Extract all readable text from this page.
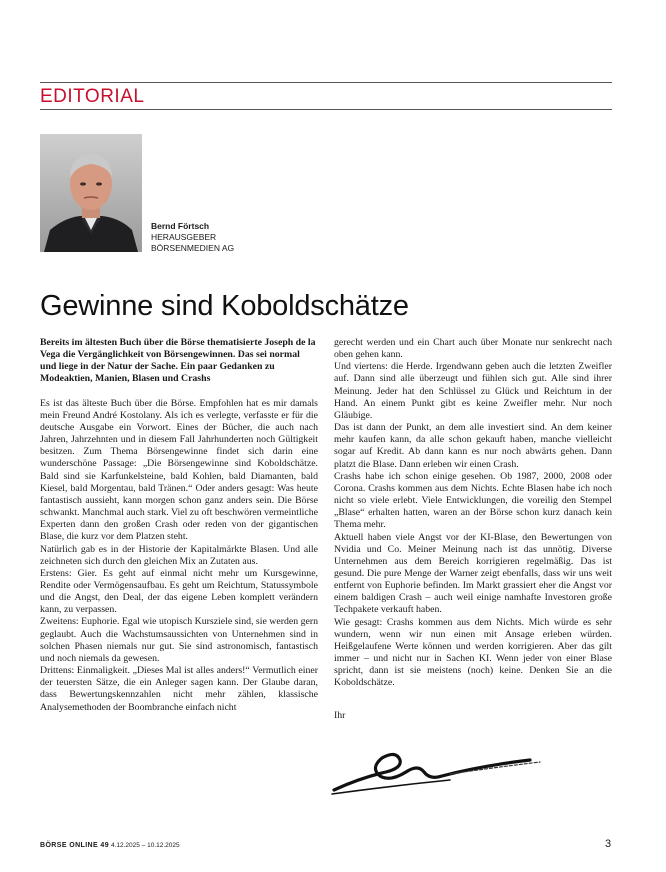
EDITORIAL
Bernd Förtsch
HERAUSGEBER
BÖRSENMEDIEN AG
Gewinne sind Koboldschätze

Bereits im ältesten Buch über die Börse thematisierte Joseph de la Vega die Vergänglichkeit von Börsengewinnen. Das sei normal und liege in der Natur der Sache. Ein paar Gedanken zu Modeaktien, Manien, Blasen und Crashs

Es ist das älteste Buch über die Börse. Empfohlen hat es mir damals mein Freund André Kostolany. Als ich es verlegte, verfasste er für die deutsche Ausgabe ein Vorwort. Eines der Bücher, die auch nach Jahren, Jahrzehnten und in diesem Fall Jahrhunderten noch Gültigkeit besitzen. Zum Thema Börsengewinne findet sich darin eine wunderschöne Passage: „Die Börsengewinne sind Koboldschätze. Bald sind sie Karfunkelsteine, bald Kohlen, bald Diamanten, bald Kiesel, bald Morgentau, bald Tränen.“ Oder anders gesagt: Was heute fantastisch aussieht, kann morgen schon ganz anders sein. Die Börse schwankt. Manchmal auch stark. Viel zu oft beschwören vermeintliche Experten dann den großen Crash oder reden von der gigantischen Blase, die kurz vor dem Platzen steht.

Natürlich gab es in der Historie der Kapitalmärkte Blasen. Und alle zeichneten sich durch den gleichen Mix an Zutaten aus.

Erstens: Gier. Es geht auf einmal nicht mehr um Kursgewinne, Rendite oder Vermögensaufbau. Es geht um Reichtum, Statussymbole und die Angst, den Deal, der das eigene Leben komplett verändern kann, zu verpassen.

Zweitens: Euphorie. Egal wie utopisch Kursziele sind, sie werden gern geglaubt. Auch die Wachstumsaussichten von Unternehmen sind in solchen Phasen niemals nur gut. Sie sind astronomisch, fantastisch und noch niemals da gewesen.

Drittens: Einmaligkeit. „Dieses Mal ist alles anders!“ Vermutlich einer der teuersten Sätze, die ein Anleger sagen kann. Der Glaube daran, dass Bewertungskennzahlen nicht mehr zählen, klassische Analysemethoden der Boombranche einfach nicht

gerecht werden und ein Chart auch über Monate nur senkrecht nach oben gehen kann.

Und viertens: die Herde. Irgendwann geben auch die letzten Zweifler auf. Dann sind alle überzeugt und fühlen sich gut. Alle sind ihrer Meinung. Jeder hat den Schlüssel zu Glück und Reichtum in der Hand. An einem Punkt gibt es keine Zweifler mehr. Nur noch Gläubige.

Das ist dann der Punkt, an dem alle investiert sind. An dem keiner mehr kaufen kann, da alle schon gekauft haben, manche vielleicht sogar auf Kredit. Ab dann kann es nur noch abwärts gehen. Dann platzt die Blase. Dann erleben wir einen Crash.

Crashs habe ich schon einige gesehen. Ob 1987, 2000, 2008 oder Corona. Crashs kommen aus dem Nichts. Echte Blasen habe ich noch nicht so viele erlebt. Viele Entwicklungen, die voreilig den Stempel „Blase“ erhalten hatten, waren an der Börse schon kurz danach kein Thema mehr.

Aktuell haben viele Angst vor der KI-Blase, den Bewertungen von Nvidia und Co. Meiner Meinung nach ist das unnötig. Diverse Unternehmen aus dem Bereich korrigieren regelmäßig. Das ist gesund. Die pure Menge der Warner zeigt ebenfalls, dass wir uns weit entfernt von Euphorie befinden. Im Markt grassiert eher die Angst vor einem baldigen Crash – auch weil einige namhafte Investoren große Techpakete verkauft haben.

Wie gesagt: Crashs kommen aus dem Nichts. Mich würde es sehr wundern, wenn wir nun einen mit Ansage erleben würden. Heißgelaufene Werte können und werden korrigieren. Aber das gilt immer – und nicht nur in Sachen KI. Wenn jeder von einer Blase spricht, dann ist sie meistens (noch) keine. Denken Sie an die Koboldschätze.

Ihr

BÖRSE ONLINE 49 4.12.2025 – 10.12.2025	3
